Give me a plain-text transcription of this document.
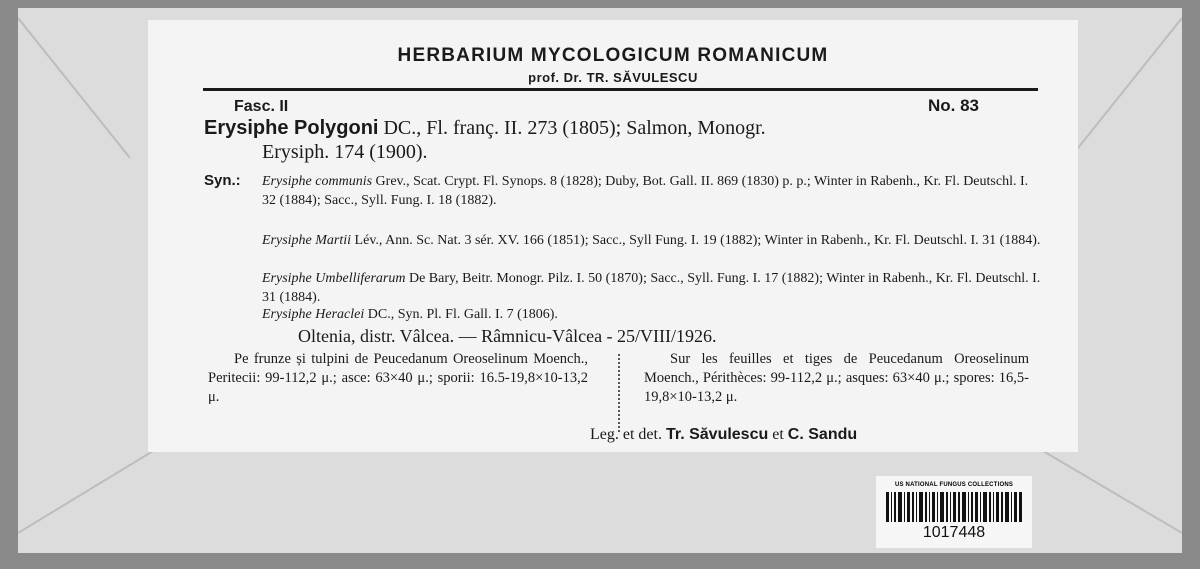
HERBARIUM MYCOLOGICUM ROMANICUM
prof. Dr. TR. SĂVULESCU
Fasc. II	No. 83
Erysiphe Polygoni DC., Fl. franç. II. 273 (1805); Salmon, Monogr.
Erysiph. 174 (1900).
Syn.: Erysiphe communis Grev., Scat. Crypt. Fl. Synops. 8 (1828); Duby, Bot. Gall. II. 869 (1830) p. p.; Winter in Rabenh., Kr. Fl. Deutschl. I. 32 (1884); Sacc., Syll. Fung. I. 18 (1882).
Erysiphe Martii Lév., Ann. Sc. Nat. 3 sér. XV. 166 (1851); Sacc., Syll Fung. I. 19 (1882); Winter in Rabenh., Kr. Fl. Deutschl. I. 31 (1884).
Erysiphe Umbelliferarum De Bary, Beitr. Monogr. Pilz. I. 50 (1870); Sacc., Syll. Fung. I. 17 (1882); Winter in Rabenh., Kr. Fl. Deutschl. I. 31 (1884).
Erysiphe Heraclei DC., Syn. Pl. Fl. Gall. I. 7 (1806).
Oltenia, distr. Vâlcea. — Râmnicu-Vâlcea - 25/VIII/1926.
Pe frunze și tulpini de Peucedanum Oreoselinum Moench., Peritecii: 99-112,2 μ.; asce: 63×40 μ.; sporii: 16.5-19,8×10-13,2 μ.
Sur les feuilles et tiges de Peucedanum Oreoselinum Moench., Périthèces: 99-112,2 μ.; asques: 63×40 μ.; spores: 16,5-19,8×10-13,2 μ.
Leg. et det. Tr. Săvulescu et C. Sandu
US NATIONAL FUNGUS COLLECTIONS
1017448
